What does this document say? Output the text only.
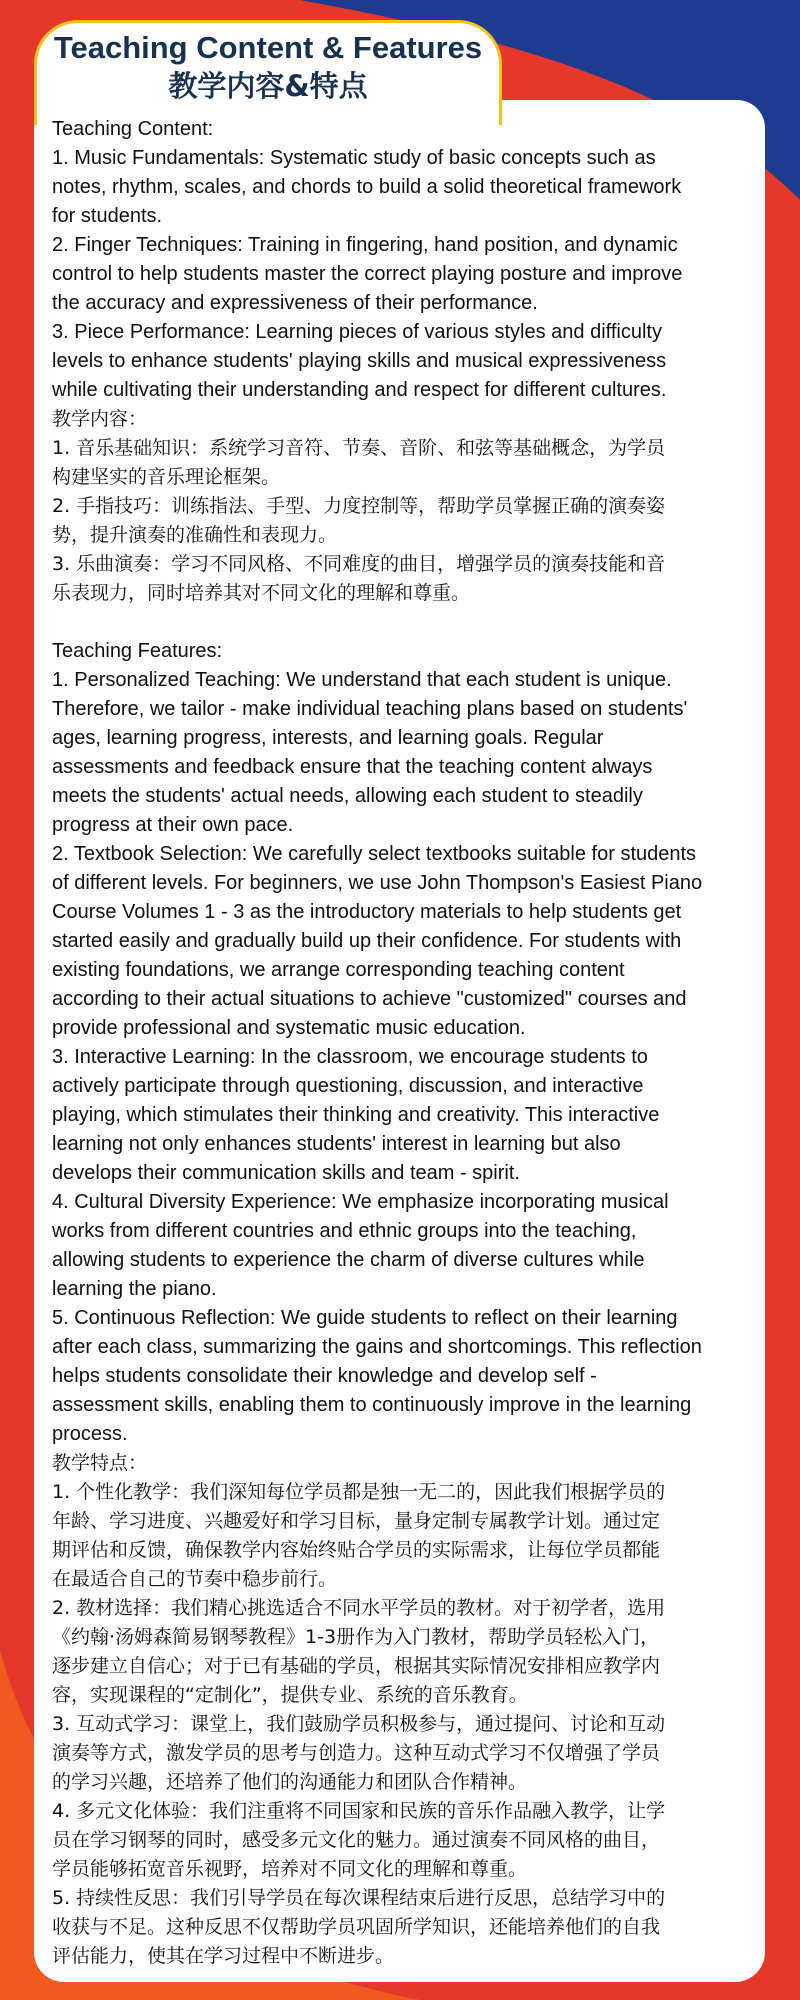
Teaching Content & Features
教学内容&特点
Teaching Content:
1. Music Fundamentals: Systematic study of basic concepts such as
notes, rhythm, scales, and chords to build a solid theoretical framework
for students.
2. Finger Techniques: Training in fingering, hand position, and dynamic
control to help students master the correct playing posture and improve
the accuracy and expressiveness of their performance.
3. Piece Performance: Learning pieces of various styles and difficulty
levels to enhance students' playing skills and musical expressiveness
while cultivating their understanding and respect for different cultures.
教学内容：
1. 音乐基础知识：系统学习音符、节奏、音阶、和弦等基础概念，为学员
构建坚实的音乐理论框架。
2. 手指技巧：训练指法、手型、力度控制等，帮助学员掌握正确的演奏姿
势，提升演奏的准确性和表现力。
3. 乐曲演奏：学习不同风格、不同难度的曲目，增强学员的演奏技能和音
乐表现力，同时培养其对不同文化的理解和尊重。
Teaching Features:
1. Personalized Teaching: We understand that each student is unique.
Therefore, we tailor - make individual teaching plans based on students'
ages, learning progress, interests, and learning goals. Regular
assessments and feedback ensure that the teaching content always
meets the students' actual needs, allowing each student to steadily
progress at their own pace.
2. Textbook Selection: We carefully select textbooks suitable for students
of different levels. For beginners, we use John Thompson's Easiest Piano
Course Volumes 1 - 3 as the introductory materials to help students get
started easily and gradually build up their confidence. For students with
existing foundations, we arrange corresponding teaching content
according to their actual situations to achieve "customized" courses and
provide professional and systematic music education.
3. Interactive Learning: In the classroom, we encourage students to
actively participate through questioning, discussion, and interactive
playing, which stimulates their thinking and creativity. This interactive
learning not only enhances students' interest in learning but also
develops their communication skills and team - spirit.
4. Cultural Diversity Experience: We emphasize incorporating musical
works from different countries and ethnic groups into the teaching,
allowing students to experience the charm of diverse cultures while
learning the piano.
5. Continuous Reflection: We guide students to reflect on their learning
after each class, summarizing the gains and shortcomings. This reflection
helps students consolidate their knowledge and develop self -
assessment skills, enabling them to continuously improve in the learning
process.
教学特点：
1. 个性化教学：我们深知每位学员都是独一无二的，因此我们根据学员的
年龄、学习进度、兴趣爱好和学习目标，量身定制专属教学计划。通过定
期评估和反馈，确保教学内容始终贴合学员的实际需求，让每位学员都能
在最适合自己的节奏中稳步前行。
2. 教材选择：我们精心挑选适合不同水平学员的教材。对于初学者，选用
《约翰·汤姆森简易钢琴教程》1-3册作为入门教材，帮助学员轻松入门，
逐步建立自信心；对于已有基础的学员，根据其实际情况安排相应教学内
容，实现课程的“定制化”，提供专业、系统的音乐教育。
3. 互动式学习：课堂上，我们鼓励学员积极参与，通过提问、讨论和互动
演奏等方式，激发学员的思考与创造力。这种互动式学习不仅增强了学员
的学习兴趣，还培养了他们的沟通能力和团队合作精神。
4. 多元文化体验：我们注重将不同国家和民族的音乐作品融入教学，让学
员在学习钢琴的同时，感受多元文化的魅力。通过演奏不同风格的曲目，
学员能够拓宽音乐视野，培养对不同文化的理解和尊重。
5. 持续性反思：我们引导学员在每次课程结束后进行反思，总结学习中的
收获与不足。这种反思不仅帮助学员巩固所学知识，还能培养他们的自我
评估能力，使其在学习过程中不断进步。
